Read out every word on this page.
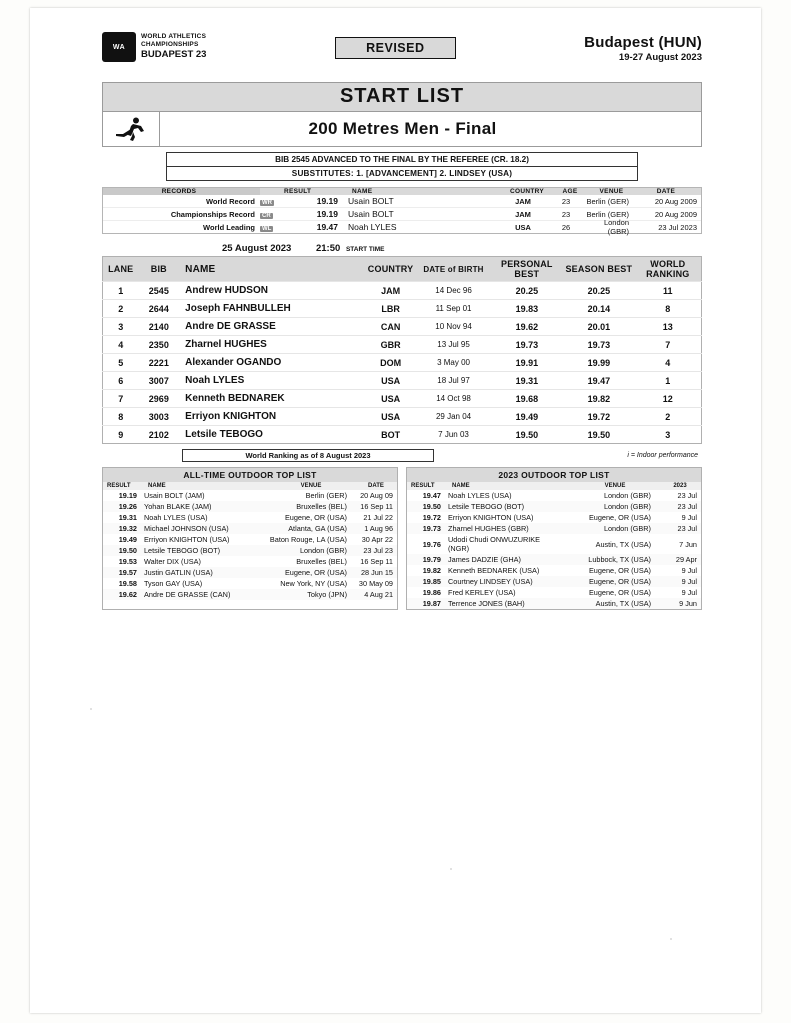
WA
WORLD ATHLETICS
CHAMPIONSHIPS
BUDAPEST 23	REVISED	Budapest (HUN)
19-27 August 2023
START LIST
200 Metres Men - Final
BIB 2545 ADVANCED TO THE FINAL BY THE REFEREE (CR. 18.2)
SUBSTITUTES: 1. [ADVANCEMENT] 2. LINDSEY (USA)
RECORDS	RESULT	NAME	COUNTRY	AGE	VENUE	DATE
World Record	WR	19.19	Usain BOLT	JAM	23	Berlin (GER)	20 Aug 2009
Championships Record	CR	19.19	Usain BOLT	JAM	23	Berlin (GER)	20 Aug 2009
World Leading	WL	19.47	Noah LYLES	USA	26	London (GBR)	23 Jul 2023
25 August 2023	21:50 START TIME
LANE	BIB	NAME	COUNTRY	DATE of BIRTH	PERSONAL BEST	SEASON BEST	WORLD RANKING
1	2545	Andrew HUDSON	JAM	14 Dec 96	20.25	20.25	11
2	2644	Joseph FAHNBULLEH	LBR	11 Sep 01	19.83	20.14	8
3	2140	Andre DE GRASSE	CAN	10 Nov 94	19.62	20.01	13
4	2350	Zharnel HUGHES	GBR	13 Jul 95	19.73	19.73	7
5	2221	Alexander OGANDO	DOM	3 May 00	19.91	19.99	4
6	3007	Noah LYLES	USA	18 Jul 97	19.31	19.47	1
7	2969	Kenneth BEDNAREK	USA	14 Oct 98	19.68	19.82	12
8	3003	Erriyon KNIGHTON	USA	29 Jan 04	19.49	19.72	2
9	2102	Letsile TEBOGO	BOT	7 Jun 03	19.50	19.50	3
World Ranking as of 8 August 2023	i = Indoor performance
ALL-TIME OUTDOOR TOP LIST
RESULT	NAME	VENUE	DATE
19.19 Usain BOLT (JAM)	Berlin (GER)	20 Aug 09
19.26 Yohan BLAKE (JAM)	Bruxelles (BEL)	16 Sep 11
19.31 Noah LYLES (USA)	Eugene, OR (USA)	21 Jul 22
19.32 Michael JOHNSON (USA)	Atlanta, GA (USA)	1 Aug 96
19.49 Erriyon KNIGHTON (USA)	Baton Rouge, LA (USA)	30 Apr 22
19.50 Letsile TEBOGO (BOT)	London (GBR)	23 Jul 23
19.53 Walter DIX (USA)	Bruxelles (BEL)	16 Sep 11
19.57 Justin GATLIN (USA)	Eugene, OR (USA)	28 Jun 15
19.58 Tyson GAY (USA)	New York, NY (USA)	30 May 09
19.62 Andre DE GRASSE (CAN)	Tokyo (JPN)	4 Aug 21
2023 OUTDOOR TOP LIST
RESULT	NAME	VENUE	2023
19.47 Noah LYLES (USA)	London (GBR)	23 Jul
19.50 Letsile TEBOGO (BOT)	London (GBR)	23 Jul
19.72 Erriyon KNIGHTON (USA)	Eugene, OR (USA)	9 Jul
19.73 Zharnel HUGHES (GBR)	London (GBR)	23 Jul
19.76 Udodi Chudi ONWUZURIKE (NGR)	Austin, TX (USA)	7 Jun
19.79 James DADZIE (GHA)	Lubbock, TX (USA)	29 Apr
19.82 Kenneth BEDNAREK (USA)	Eugene, OR (USA)	9 Jul
19.85 Courtney LINDSEY (USA)	Eugene, OR (USA)	9 Jul
19.86 Fred KERLEY (USA)	Eugene, OR (USA)	9 Jul
19.87 Terrence JONES (BAH)	Austin, TX (USA)	9 Jun
